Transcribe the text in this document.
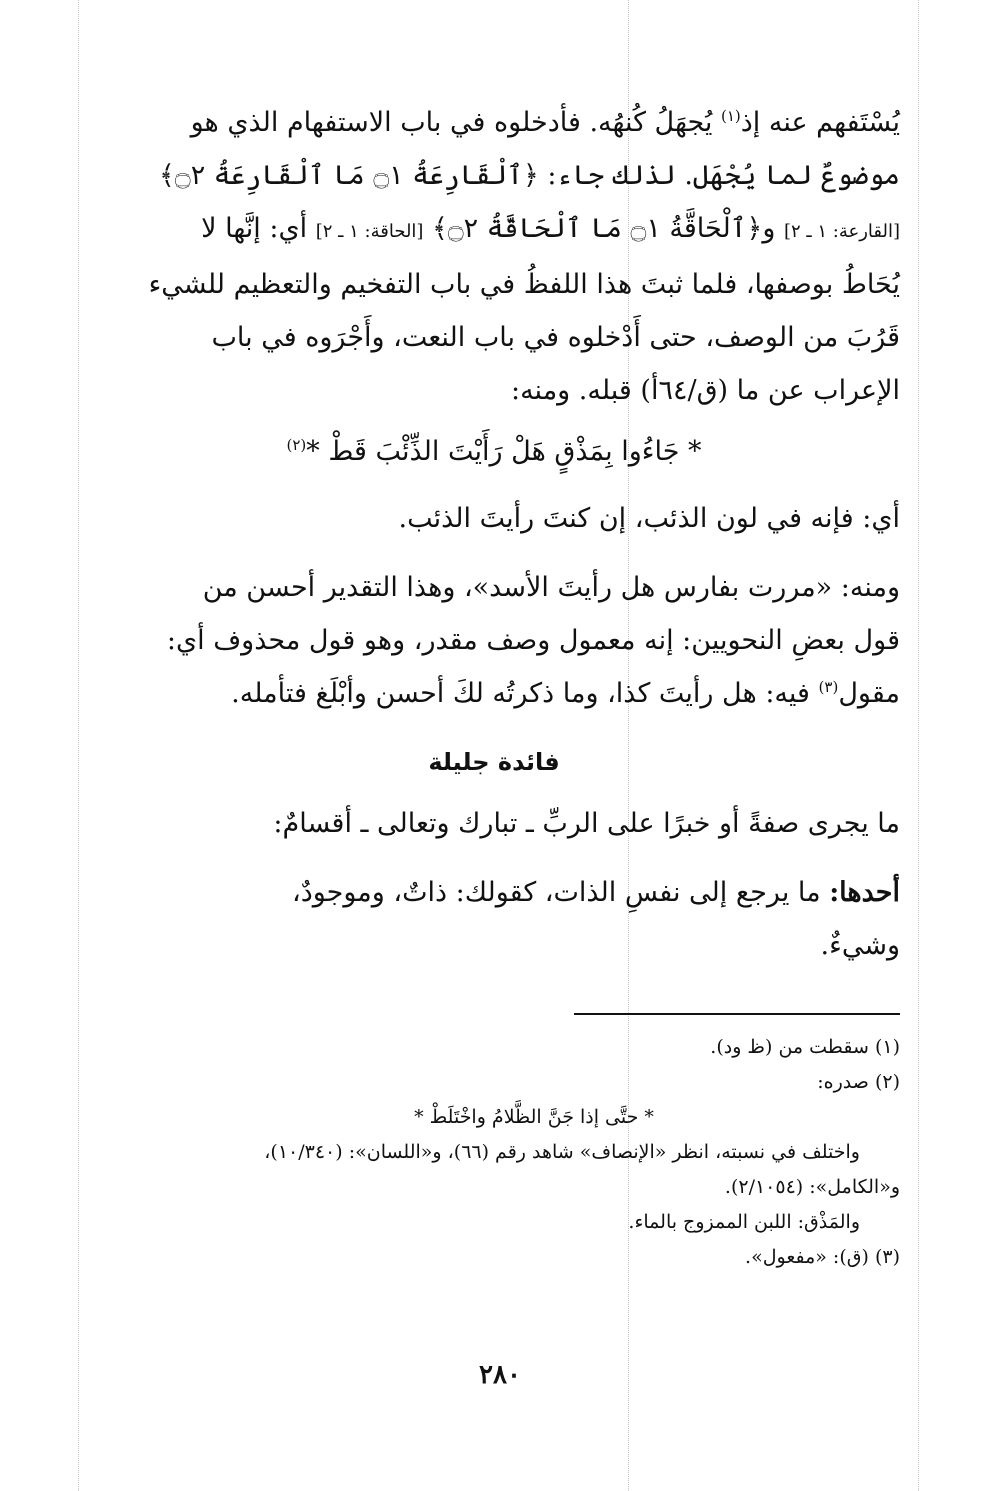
يُسْتَفهم عنه إذ$^{(١)}$ يُجهَلُ كُنهُه. فأدخلوه في باب الاستفهام الذي هو
موضوعٌ لما يُجْهَل. لذلك جاء: ﴿ٱلْقَارِعَةُ ۝١ مَا ٱلْقَارِعَةُ ۝٢﴾
[القارعة: ١ ـ ٢] و﴿ٱلْحَاقَّةُ ۝١ مَا ٱلْحَاقَّةُ ۝٢﴾ [الحاقة: ١ ـ ٢] أي: إنَّها لا
يُحَاطُ بوصفها، فلما ثبتَ هذا اللفظُ في باب التفخيم والتعظيم للشيء
قَرُبَ من الوصف، حتى أَدْخلوه في باب النعت، وأَجْرَوه في باب
الإعراب عن ما (ق/٦٤أ) قبله. ومنه:

* جَاءُوا بِمَذْقٍ هَلْ رَأَيْتَ الذِّئْبَ قَطْ *$^{(٢)}$

أي: فإنه في لون الذئب، إن كنتَ رأيتَ الذئب.

ومنه: «مررت بفارس هل رأيتَ الأسد»، وهذا التقدير أحسن من
قول بعضِ النحويين: إنه معمول وصف مقدر، وهو قول محذوف أي:
مقول$^{(٣)}$ فيه: هل رأيتَ كذا، وما ذكرتُه لكَ أحسن وأبْلَغ فتأمله.

فائدة جليلة

ما يجرى صفةً أو خبرًا على الربِّ ـ تبارك وتعالى ـ أقسامٌ:

أحدها: ما يرجع إلى نفسِ الذات، كقولك: ذاتٌ، وموجودٌ،
وشيءٌ.

(١) سقطت من (ظ ود).
(٢) صدره:
* حتَّى إذا جَنَّ الظَّلامُ واخْتَلَطْ *
واختلف في نسبته، انظر «الإنصاف» شاهد رقم (٦٦)، و«اللسان»: (١٠/٣٤٠)،
و«الكامل»: (٢/١٠٥٤).
والمَذْق: اللبن الممزوج بالماء.
(٣) (ق): «مفعول».
٢٨٠
